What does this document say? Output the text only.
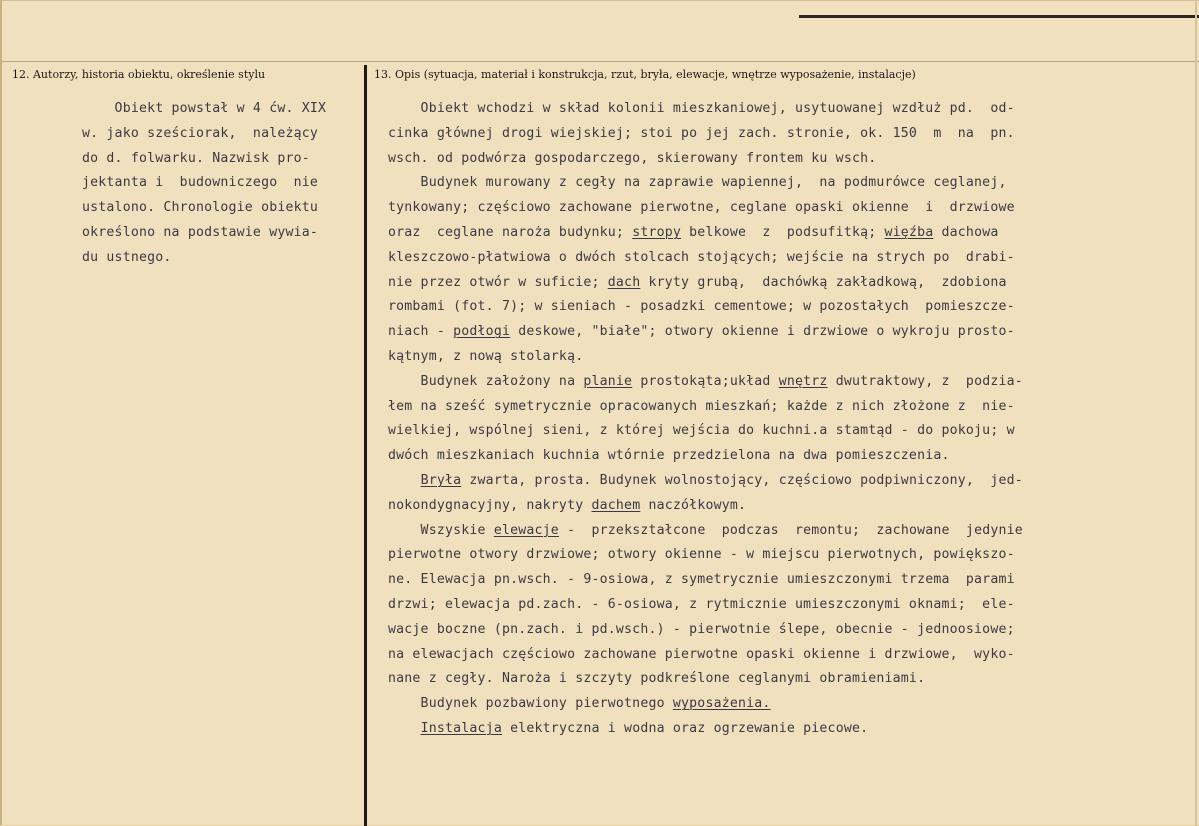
12. Autorzy, historia obiektu, określenie stylu	13. Opis (sytuacja, materiał i konstrukcja, rzut, bryła, elewacje, wnętrze wyposażenie, instalacje)
Obiekt powstał w 4 ćw. XIX
w. jako sześciorak,  należący
do d. folwarku. Nazwisk pro-
jektanta i  budowniczego  nie
ustalono. Chronologie obiektu
określono na podstawie wywia-
du ustnego.
Obiekt wchodzi w skład kolonii mieszkaniowej, usytuowanej wzdłuż pd.  od-
cinka głównej drogi wiejskiej; stoi po jej zach. stronie, ok. 150  m  na  pn.
wsch. od podwórza gospodarczego, skierowany frontem ku wsch.
Budynek murowany z cegły na zaprawie wapiennej,  na podmurówce ceglanej,
tynkowany; częściowo zachowane pierwotne, ceglane opaski okienne  i  drzwiowe
oraz  ceglane naroża budynku; stropy belkowe  z  podsufitką; więźba dachowa
kleszczowo-płatwiowa o dwóch stolcach stojących; wejście na strych po  drabi-
nie przez otwór w suficie; dach kryty grubą,  dachówką zakładkową,  zdobiona
rombami (fot. 7); w sieniach - posadzki cementowe; w pozostałych  pomieszcze-
niach - podłogi deskowe, "białe"; otwory okienne i drzwiowe o wykroju prosto-
kątnym, z nową stolarką.
Budynek założony na planie prostokąta;układ wnętrz dwutraktowy, z  podzia-
łem na sześć symetrycznie opracowanych mieszkań; każde z nich złożone z  nie-
wielkiej, wspólnej sieni, z której wejścia do kuchni.a stamtąd - do pokoju; w
dwóch mieszkaniach kuchnia wtórnie przedzielona na dwa pomieszczenia.
Bryła zwarta, prosta. Budynek wolnostojący, częściowo podpiwniczony,  jed-
nokondygnacyjny, nakryty dachem naczółkowym.
Wszyskie elewacje -  przekształcone  podczas  remontu;  zachowane  jedynie
pierwotne otwory drzwiowe; otwory okienne - w miejscu pierwotnych, powiększo-
ne. Elewacja pn.wsch. - 9-osiowa, z symetrycznie umieszczonymi trzema  parami
drzwi; elewacja pd.zach. - 6-osiowa, z rytmicznie umieszczonymi oknami;  ele-
wacje boczne (pn.zach. i pd.wsch.) - pierwotnie ślepe, obecnie - jednoosiowe;
na elewacjach częściowo zachowane pierwotne opaski okienne i drzwiowe,  wyko-
nane z cegły. Naroża i szczyty podkreślone ceglanymi obramieniami.
Budynek pozbawiony pierwotnego wyposażenia.
Instalacja elektryczna i wodna oraz ogrzewanie piecowe.
